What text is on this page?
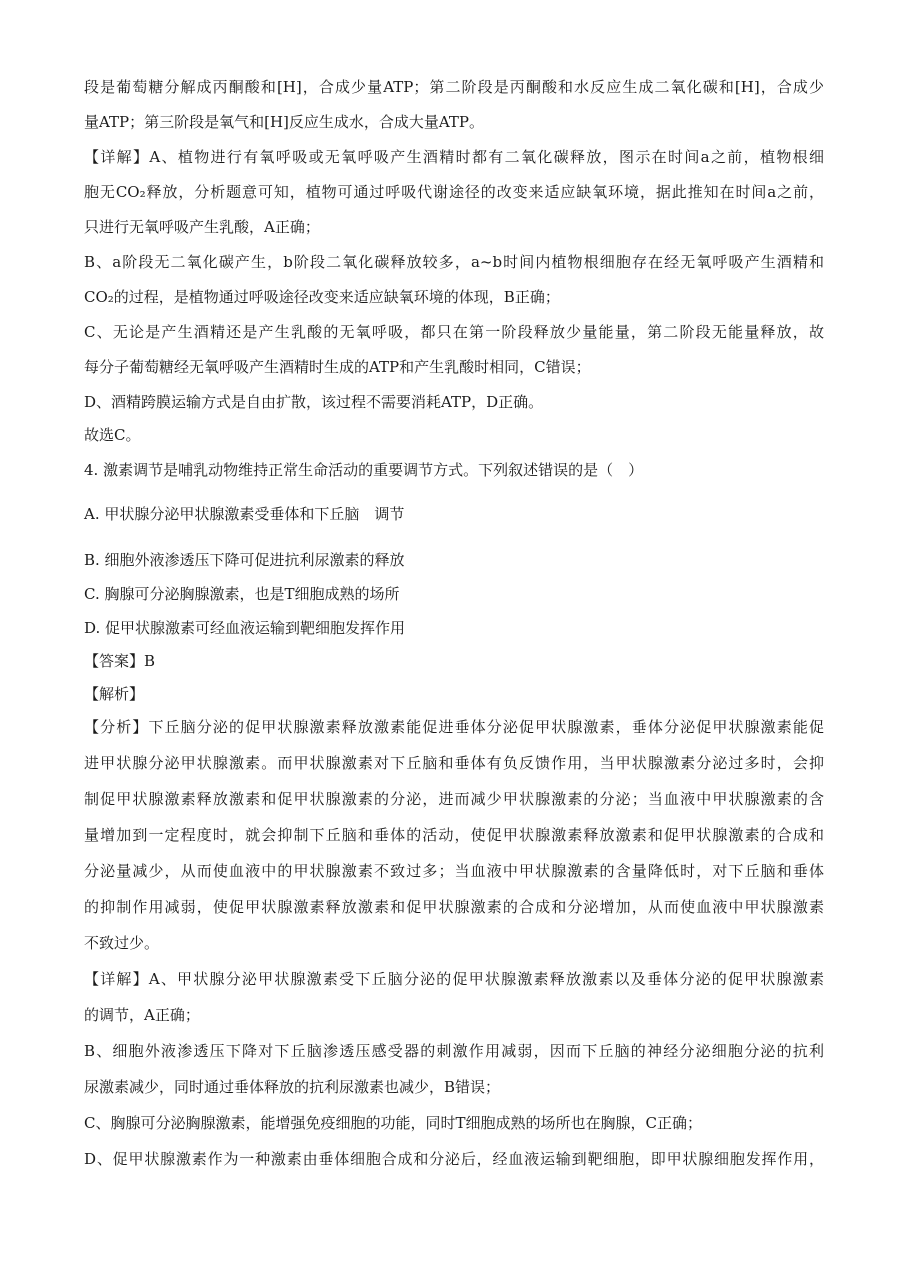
段是葡萄糖分解成丙酮酸和[H]，合成少量ATP；第二阶段是丙酮酸和水反应生成二氧化碳和[H]，合成少
量ATP；第三阶段是氧气和[H]反应生成水，合成大量ATP。
【详解】A、植物进行有氧呼吸或无氧呼吸产生酒精时都有二氧化碳释放，图示在时间a之前，植物根细
胞无CO₂释放，分析题意可知，植物可通过呼吸代谢途径的改变来适应缺氧环境，据此推知在时间a之前，
只进行无氧呼吸产生乳酸，A正确；
B、a阶段无二氧化碳产生，b阶段二氧化碳释放较多，a~b时间内植物根细胞存在经无氧呼吸产生酒精和
CO₂的过程，是植物通过呼吸途径改变来适应缺氧环境的体现，B正确；
C、无论是产生酒精还是产生乳酸的无氧呼吸，都只在第一阶段释放少量能量，第二阶段无能量释放，故
每分子葡萄糖经无氧呼吸产生酒精时生成的ATP和产生乳酸时相同，C错误；
D、酒精跨膜运输方式是自由扩散，该过程不需要消耗ATP，D正确。
故选C。
4. 激素调节是哺乳动物维持正常生命活动的重要调节方式。下列叙述错误的是（　）
A. 甲状腺分泌甲状腺激素受垂体和下丘脑　调节
B. 细胞外液渗透压下降可促进抗利尿激素的释放
C. 胸腺可分泌胸腺激素，也是T细胞成熟的场所
D. 促甲状腺激素可经血液运输到靶细胞发挥作用
【答案】B
【解析】
【分析】下丘脑分泌的促甲状腺激素释放激素能促进垂体分泌促甲状腺激素，垂体分泌促甲状腺激素能促
进甲状腺分泌甲状腺激素。而甲状腺激素对下丘脑和垂体有负反馈作用，当甲状腺激素分泌过多时，会抑
制促甲状腺激素释放激素和促甲状腺激素的分泌，进而减少甲状腺激素的分泌；当血液中甲状腺激素的含
量增加到一定程度时，就会抑制下丘脑和垂体的活动，使促甲状腺激素释放激素和促甲状腺激素的合成和
分泌量减少，从而使血液中的甲状腺激素不致过多；当血液中甲状腺激素的含量降低时，对下丘脑和垂体
的抑制作用减弱，使促甲状腺激素释放激素和促甲状腺激素的合成和分泌增加，从而使血液中甲状腺激素
不致过少。
【详解】A、甲状腺分泌甲状腺激素受下丘脑分泌的促甲状腺激素释放激素以及垂体分泌的促甲状腺激素
的调节，A正确；
B、细胞外液渗透压下降对下丘脑渗透压感受器的刺激作用减弱，因而下丘脑的神经分泌细胞分泌的抗利
尿激素减少，同时通过垂体释放的抗利尿激素也减少，B错误；
C、胸腺可分泌胸腺激素，能增强免疫细胞的功能，同时T细胞成熟的场所也在胸腺，C正确；
D、促甲状腺激素作为一种激素由垂体细胞合成和分泌后，经血液运输到靶细胞，即甲状腺细胞发挥作用，
